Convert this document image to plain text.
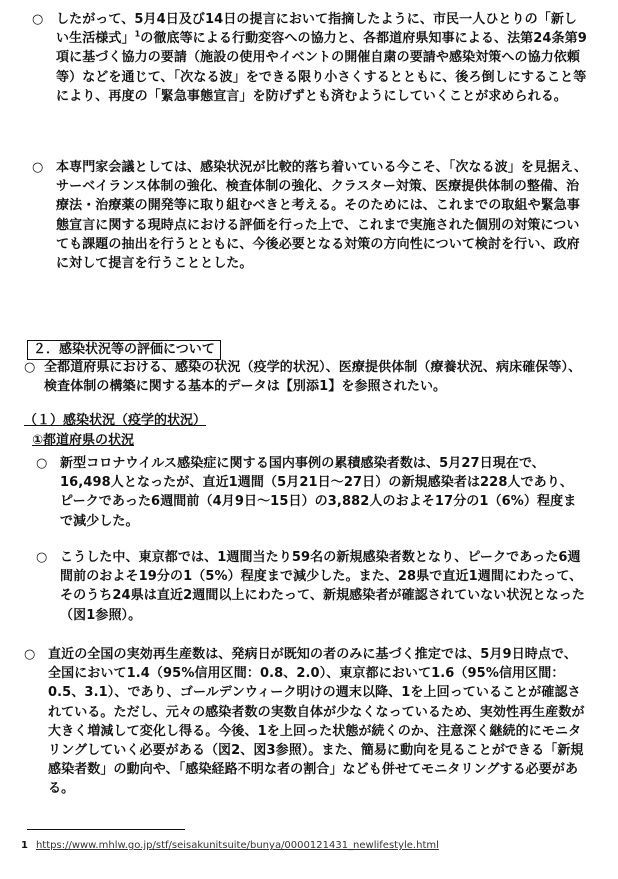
○ したがって、5月4日及び14日の提言において指摘したように、市民一人ひとりの「新しい生活様式」$^1$の徹底等による行動変容への協力と、各都道府県知事による、法第24条第9項に基づく協力の要請（施設の使用やイベントの開催自粛の要請や感染対策への協力依頼等）などを通じて、「次なる波」をできる限り小さくするとともに、後ろ倒しにすること等により、再度の「緊急事態宣言」を防げずとも済むようにしていくことが求められる。
○ 本専門家会議としては、感染状況が比較的落ち着いている今こそ、「次なる波」を見据え、サーベイランス体制の強化、検査体制の強化、クラスター対策、医療提供体制の整備、治療法・治療薬の開発等に取り組むべきと考える。そのためには、これまでの取組や緊急事態宣言に関する現時点における評価を行った上で、これまで実施された個別の対策についても課題の抽出を行うとともに、今後必要となる対策の方向性について検討を行い、政府に対して提言を行うこととした。
２．感染状況等の評価について
○ 全都道府県における、感染の状況（疫学的状況）、医療提供体制（療養状況、病床確保等）、検査体制の構築に関する基本的データは【別添1】を参照されたい。
（１）感染状況（疫学的状況）
①都道府県の状況
○ 新型コロナウイルス感染症に関する国内事例の累積感染者数は、5月27日現在で、16,498人となったが、直近1週間（5月21日～27日）の新規感染者は228人であり、ピークであった6週間前（4月9日～15日）の3,882人のおよそ17分の1（6%）程度まで減少した。
○ こうした中、東京都では、1週間当たり59名の新規感染者数となり、ピークであった6週間前のおよそ19分の1（5%）程度まで減少した。また、28県で直近1週間にわたって、そのうち24県は直近2週間以上にわたって、新規感染者が確認されていない状況となった（図1参照）。
○ 直近の全国の実効再生産数は、発病日が既知の者のみに基づく推定では、5月9日時点で、全国において1.4（95%信用区間：0.8、2.0）、東京都において1.6（95%信用区間：0.5、3.1）、であり、ゴールデンウィーク明けの週末以降、1を上回っていることが確認されている。ただし、元々の感染者数の実数自体が少なくなっているため、実効性再生産数が大きく増減して変化し得る。今後、1を上回った状態が続くのか、注意深く継続的にモニタリングしていく必要がある（図2、図3参照）。また、簡易に動向を見ることができる「新規感染者数」の動向や、「感染経路不明な者の割合」なども併せてモニタリングする必要がある。
1 https://www.mhlw.go.jp/stf/seisakunitsuite/bunya/0000121431_newlifestyle.html
